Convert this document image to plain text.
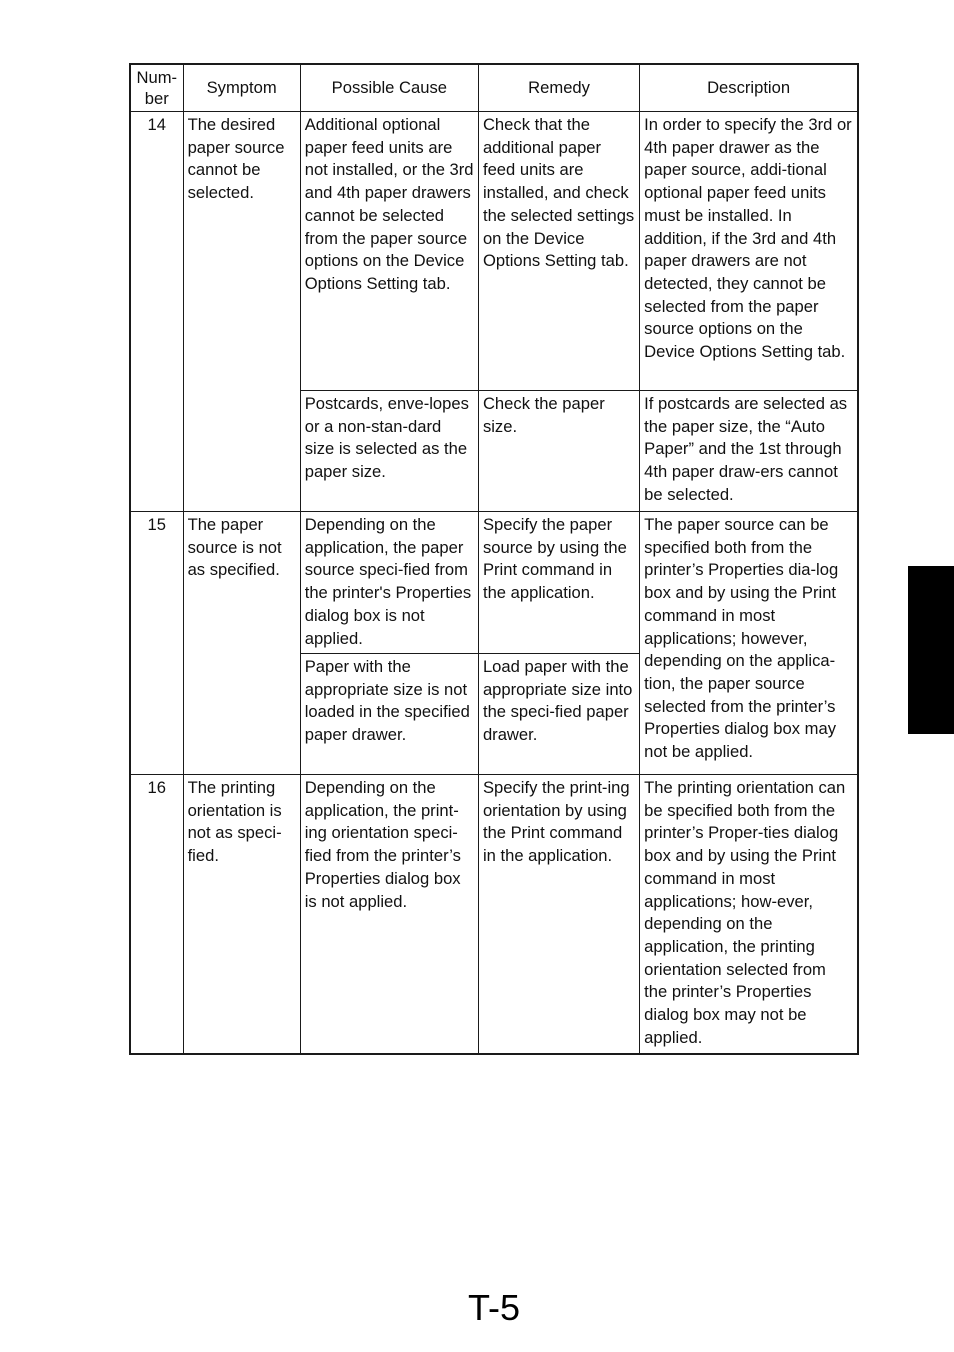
Num-
ber	Symptom	Possible Cause	Remedy	Description
14	The desired paper source cannot be selected.	Additional optional paper feed units are not installed, or the 3rd and 4th paper drawers cannot be selected from the paper source options on the Device Options Setting tab.	Check that the additional paper feed units are installed, and check the selected settings on the Device Options Setting tab.	In order to specify the 3rd or 4th paper drawer as the paper source, addi-tional optional paper feed units must be installed. In addition, if the 3rd and 4th paper drawers are not detected, they cannot be selected from the paper source options on the Device Options Setting tab.
		Postcards, enve-lopes or a non-stan-dard size is selected as the paper size.	Check the paper size.	If postcards are selected as the paper size, the “Auto Paper” and the 1st through 4th paper draw-ers cannot be selected.
15	The paper source is not as specified.	Depending on the application, the paper source speci-fied from the printer's Properties dialog box is not applied.	Specify the paper source by using the Print command in the application.	The paper source can be specified both from the printer’s Properties dia-log box and by using the Print command in most applications; however, depending on the applica-tion, the paper source selected from the printer’s Properties dialog box may not be applied.
		Paper with the appropriate size is not loaded in the specified paper drawer.	Load paper with the appropriate size into the speci-fied paper drawer.	
16	The printing orientation is not as speci-fied.	Depending on the application, the print-ing orientation speci-fied from the printer’s Properties dialog box is not applied.	Specify the print-ing orientation by using the Print command in the application.	The printing orientation can be specified both from the printer’s Proper-ties dialog box and by using the Print command in most applications; how-ever, depending on the application, the printing orientation selected from the printer’s Properties dialog box may not be applied.
T-5
